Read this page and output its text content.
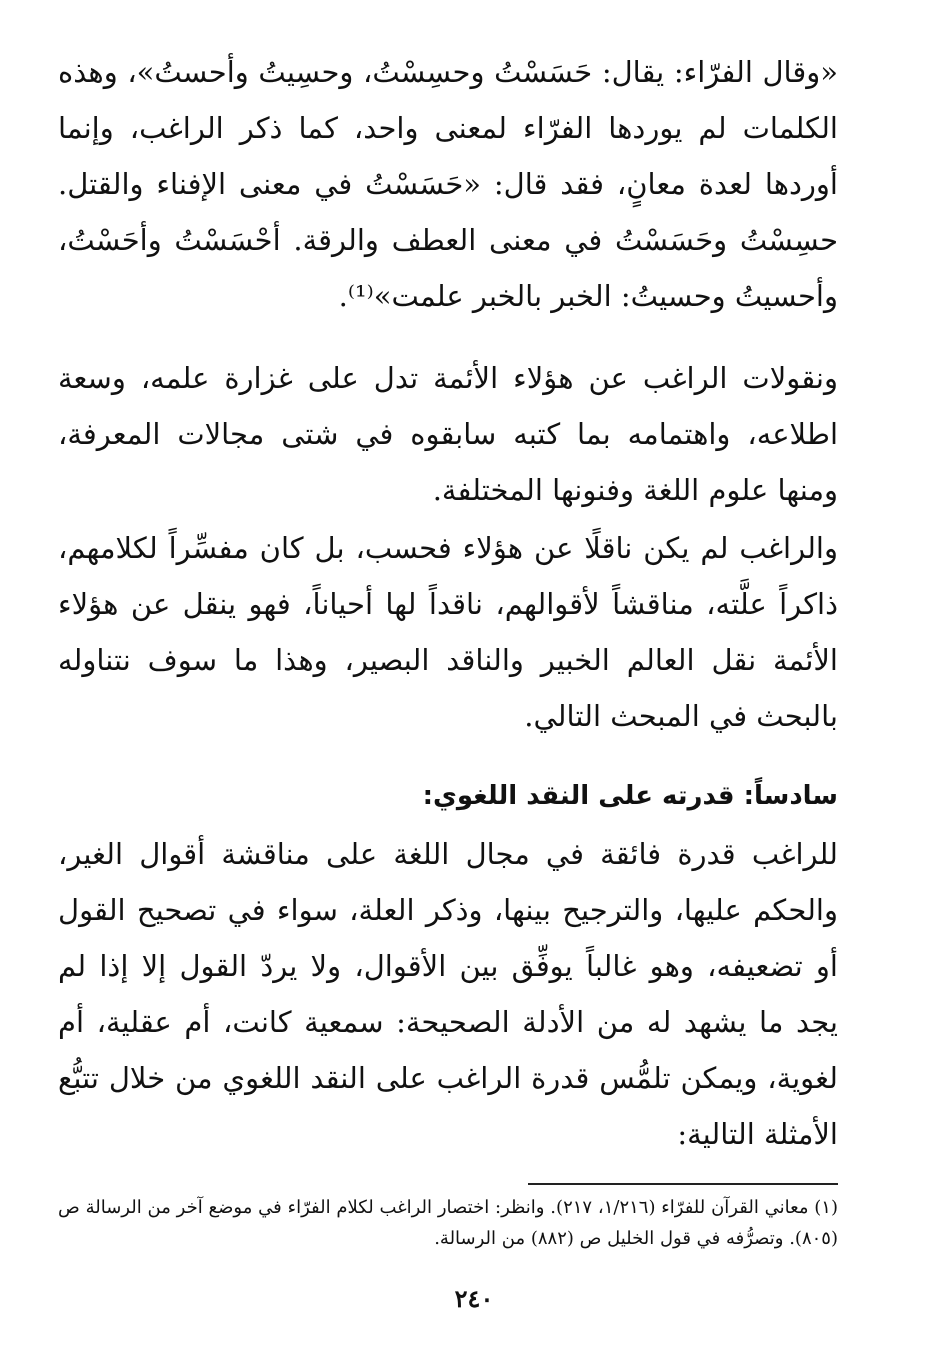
«وقال الفرّاء: يقال: حَسَسْتُ وحسِسْتُ، وحسِيتُ وأحستُ»، وهذه الكلمات لم يوردها الفرّاء لمعنى واحد، كما ذكر الراغب، وإنما أوردها لعدة معانٍ، فقد قال: «حَسَسْتُ في معنى الإفناء والقتل. حسِسْتُ وحَسَسْتُ في معنى العطف والرقة. أحْسَسْتُ وأحَسْتُ، وأحسيتُ وحسيتُ: الخبر بالخبر علمت»⁽¹⁾.

ونقولات الراغب عن هؤلاء الأئمة تدل على غزارة علمه، وسعة اطلاعه، واهتمامه بما كتبه سابقوه في شتى مجالات المعرفة، ومنها علوم اللغة وفنونها المختلفة.

والراغب لم يكن ناقلًا عن هؤلاء فحسب، بل كان مفسِّراً لكلامهم، ذاكراً علَّته، مناقشاً لأقوالهم، ناقداً لها أحياناً، فهو ينقل عن هؤلاء الأئمة نقل العالم الخبير والناقد البصير، وهذا ما سوف نتناوله بالبحث في المبحث التالي.

سادساً: قدرته على النقد اللغوي:

للراغب قدرة فائقة في مجال اللغة على مناقشة أقوال الغير، والحكم عليها، والترجيح بينها، وذكر العلة، سواء في تصحيح القول أو تضعيفه، وهو غالباً يوفِّق بين الأقوال، ولا يردّ القول إلا إذا لم يجد ما يشهد له من الأدلة الصحيحة: سمعية كانت، أم عقلية، أم لغوية، ويمكن تلمُّس قدرة الراغب على النقد اللغوي من خلال تتبُّع الأمثلة التالية:

(١) معاني القرآن للفرّاء (١/٢١٦، ٢١٧). وانظر: اختصار الراغب لكلام الفرّاء في موضع آخر من الرسالة ص (٨٠٥). وتصرُّفه في قول الخليل ص (٨٨٢) من الرسالة.

٢٤٠
